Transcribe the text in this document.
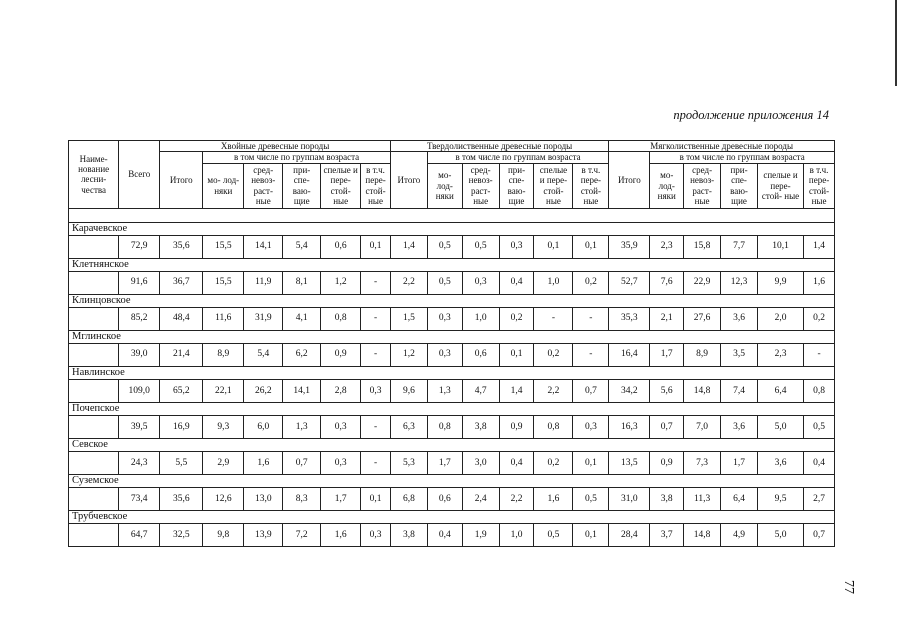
продолжение приложения 14
77
Наиме- нование лесни- чества	Всего	Хвойные древесные породы						Твердолиственные древесные породы						Мягколиственные древесные породы					
		Итого	в том числе по группам возраста					Итого	в том числе по группам возраста					Итого	в том числе по группам возраста				
			мо- лод- няки	сред- невоз- раст- ные	при- спе- ваю- щие	спелые и пере- стой- ные	в т.ч. пере- стой- ные		мо- лод- няки	сред- невоз- раст- ные	при- спе- ваю- щие	спелые и пере- стой- ные	в т.ч. пере- стой- ные		мо- лод- няки	сред- невоз- раст- ные	при- спе- ваю- щие	спелые и пере- стой- ные	в т.ч. пере- стой- ные

Карачевское																			
	72,9	35,6	15,5	14,1	5,4	0,6	0,1	1,4	0,5	0,5	0,3	0,1	0,1	35,9	2,3	15,8	7,7	10,1	1,4
Клетнянское																			
	91,6	36,7	15,5	11,9	8,1	1,2	-	2,2	0,5	0,3	0,4	1,0	0,2	52,7	7,6	22,9	12,3	9,9	1,6
Клинцовское																			
	85,2	48,4	11,6	31,9	4,1	0,8	-	1,5	0,3	1,0	0,2	-	-	35,3	2,1	27,6	3,6	2,0	0,2
Мглинское																			
	39,0	21,4	8,9	5,4	6,2	0,9	-	1,2	0,3	0,6	0,1	0,2	-	16,4	1,7	8,9	3,5	2,3	-
Навлинское																			
	109,0	65,2	22,1	26,2	14,1	2,8	0,3	9,6	1,3	4,7	1,4	2,2	0,7	34,2	5,6	14,8	7,4	6,4	0,8
Почепское																			
	39,5	16,9	9,3	6,0	1,3	0,3	-	6,3	0,8	3,8	0,9	0,8	0,3	16,3	0,7	7,0	3,6	5,0	0,5
Севское																			
	24,3	5,5	2,9	1,6	0,7	0,3	-	5,3	1,7	3,0	0,4	0,2	0,1	13,5	0,9	7,3	1,7	3,6	0,4
Суземское																			
	73,4	35,6	12,6	13,0	8,3	1,7	0,1	6,8	0,6	2,4	2,2	1,6	0,5	31,0	3,8	11,3	6,4	9,5	2,7
Трубчевское																			
	64,7	32,5	9,8	13,9	7,2	1,6	0,3	3,8	0,4	1,9	1,0	0,5	0,1	28,4	3,7	14,8	4,9	5,0	0,7
